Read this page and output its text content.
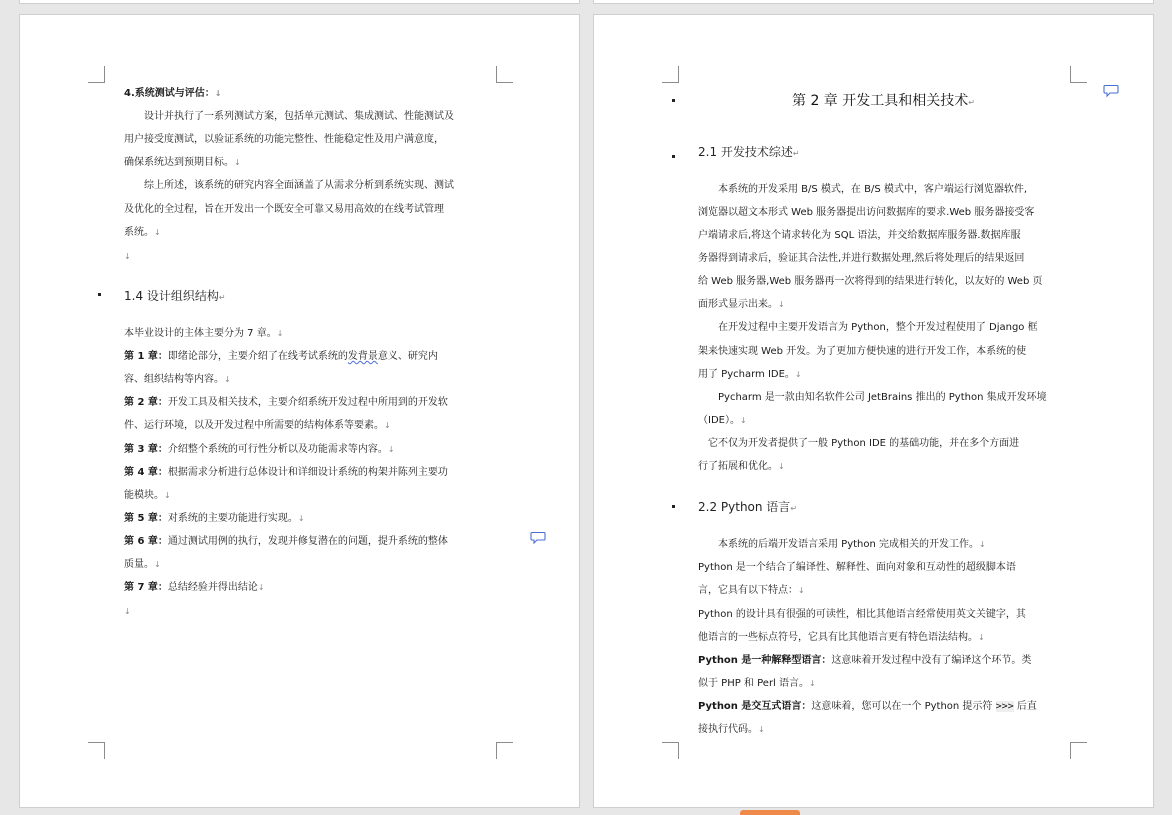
4.系统测试与评估：↓
设计并执行了一系列测试方案，包括单元测试、集成测试、性能测试及
用户接受度测试，以验证系统的功能完整性、性能稳定性及用户满意度，
确保系统达到预期目标。↓
综上所述，该系统的研究内容全面涵盖了从需求分析到系统实现、测试
及优化的全过程，旨在开发出一个既安全可靠又易用高效的在线考试管理
系统。↓
↓
1.4 设计组织结构↵
本毕业设计的主体主要分为 7 章。↓
第 1 章：即绪论部分，主要介绍了在线考试系统的发背景意义、研究内
容、组织结构等内容。↓
第 2 章：开发工具及相关技术，主要介绍系统开发过程中所用到的开发软
件、运行环境，以及开发过程中所需要的结构体系等要素。↓
第 3 章：介绍整个系统的可行性分析以及功能需求等内容。↓
第 4 章：根据需求分析进行总体设计和详细设计系统的构架并陈列主要功
能模块。↓
第 5 章：对系统的主要功能进行实现。↓
第 6 章：通过测试用例的执行，发现并修复潜在的问题，提升系统的整体
质量。↓
第 7 章：总结经验并得出结论↓
↓
第 2 章 开发工具和相关技术↵
2.1 开发技术综述↵
本系统的开发采用 B/S 模式，在 B/S 模式中，客户端运行浏览器软件,
浏览器以超文本形式 Web 服务器提出访问数据库的要求.Web 服务器接受客
户端请求后,将这个请求转化为 SQL 语法，并交给数据库服务器.数据库服
务器得到请求后，验证其合法性,并进行数据处理,然后将处理后的结果返回
给 Web 服务器,Web 服务器再一次将得到的结果进行转化，以友好的 Web 页
面形式显示出来。↓
在开发过程中主要开发语言为 Python，整个开发过程使用了 Django 框
架来快速实现 Web 开发。为了更加方便快速的进行开发工作，本系统的使
用了 Pycharm IDE。↓
Pycharm 是一款由知名软件公司 JetBrains 推出的 Python 集成开发环境
（IDE）。↓
它不仅为开发者提供了一般 Python IDE 的基础功能，并在多个方面进
行了拓展和优化。↓
2.2 Python 语言↵
本系统的后端开发语言采用 Python 完成相关的开发工作。↓
Python 是一个结合了编译性、解释性、面向对象和互动性的超级脚本语
言，它具有以下特点：↓
Python 的设计具有很强的可读性，相比其他语言经常使用英文关键字，其
他语言的一些标点符号，它具有比其他语言更有特色语法结构。↓
Python 是一种解释型语言：这意味着开发过程中没有了编译这个环节。类
似于 PHP 和 Perl 语言。↓
Python 是交互式语言：这意味着，您可以在一个 Python 提示符 >>> 后直
接执行代码。↓
